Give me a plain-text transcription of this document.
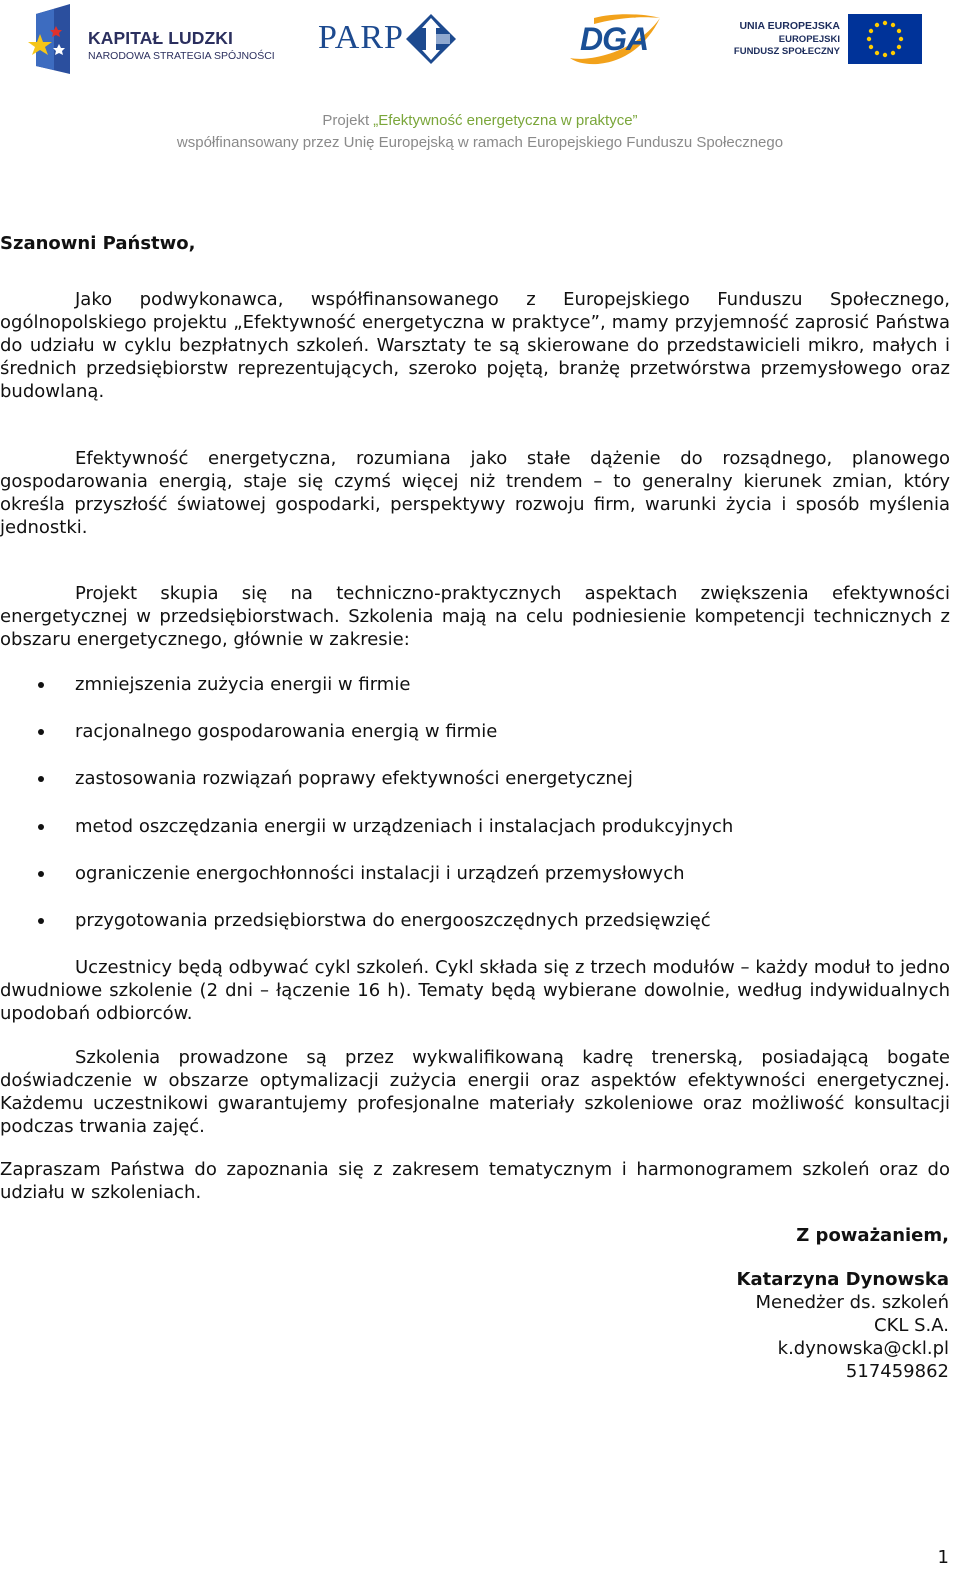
KAPITAŁ LUDZKI
NARODOWA STRATEGIA SPÓJNOŚCI PARP	DGA	UNIA EUROPEJSKA
EUROPEJSKI
FUNDUSZ SPOŁECZNY
Projekt „Efektywność energetyczna w praktyce”
współfinansowany przez Unię Europejską w ramach Europejskiego Funduszu Społecznego
Szanowni Państwo,

Jako podwykonawca, współfinansowanego z Europejskiego Funduszu Społecznego, ogólnopolskiego projektu „Efektywność energetyczna w praktyce”, mamy przyjemność zaprosić Państwa do udziału w cyklu bezpłatnych szkoleń. Warsztaty te są skierowane do przedstawicieli mikro, małych i średnich przedsiębiorstw reprezentujących, szeroko pojętą, branżę przetwórstwa przemysłowego oraz budowlaną.

Efektywność energetyczna, rozumiana jako stałe dążenie do rozsądnego, planowego gospodarowania energią, staje się czymś więcej niż trendem – to generalny kierunek zmian, który określa przyszłość światowej gospodarki, perspektywy rozwoju firm, warunki życia i sposób myślenia jednostki.

Projekt skupia się na techniczno-praktycznych aspektach zwiększenia efektywności energetycznej w przedsiębiorstwach. Szkolenia mają na celu podniesienie kompetencji technicznych z obszaru energetycznego, głównie w zakresie:

zmniejszenia zużycia energii w firmie
racjonalnego gospodarowania energią w firmie
zastosowania rozwiązań poprawy efektywności energetycznej
metod oszczędzania energii w urządzeniach i instalacjach produkcyjnych
ograniczenie energochłonności instalacji i urządzeń przemysłowych
przygotowania przedsiębiorstwa do energooszczędnych przedsięwzięć

Uczestnicy będą odbywać cykl szkoleń. Cykl składa się z trzech modułów – każdy moduł to jedno dwudniowe szkolenie (2 dni – łączenie 16 h). Tematy będą wybierane dowolnie, według indywidualnych upodobań odbiorców.

Szkolenia prowadzone są przez wykwalifikowaną kadrę trenerską, posiadającą bogate doświadczenie w obszarze optymalizacji zużycia energii oraz aspektów efektywności energetycznej. Każdemu uczestnikowi gwarantujemy profesjonalne materiały szkoleniowe oraz możliwość konsultacji podczas trwania zajęć.

Zapraszam Państwa do zapoznania się z zakresem tematycznym i harmonogramem szkoleń oraz do udziału w szkoleniach.

Z poważaniem,
Katarzyna Dynowska
Menedżer ds. szkoleń
CKL S.A.
k.dynowska@ckl.pl
517459862
1
